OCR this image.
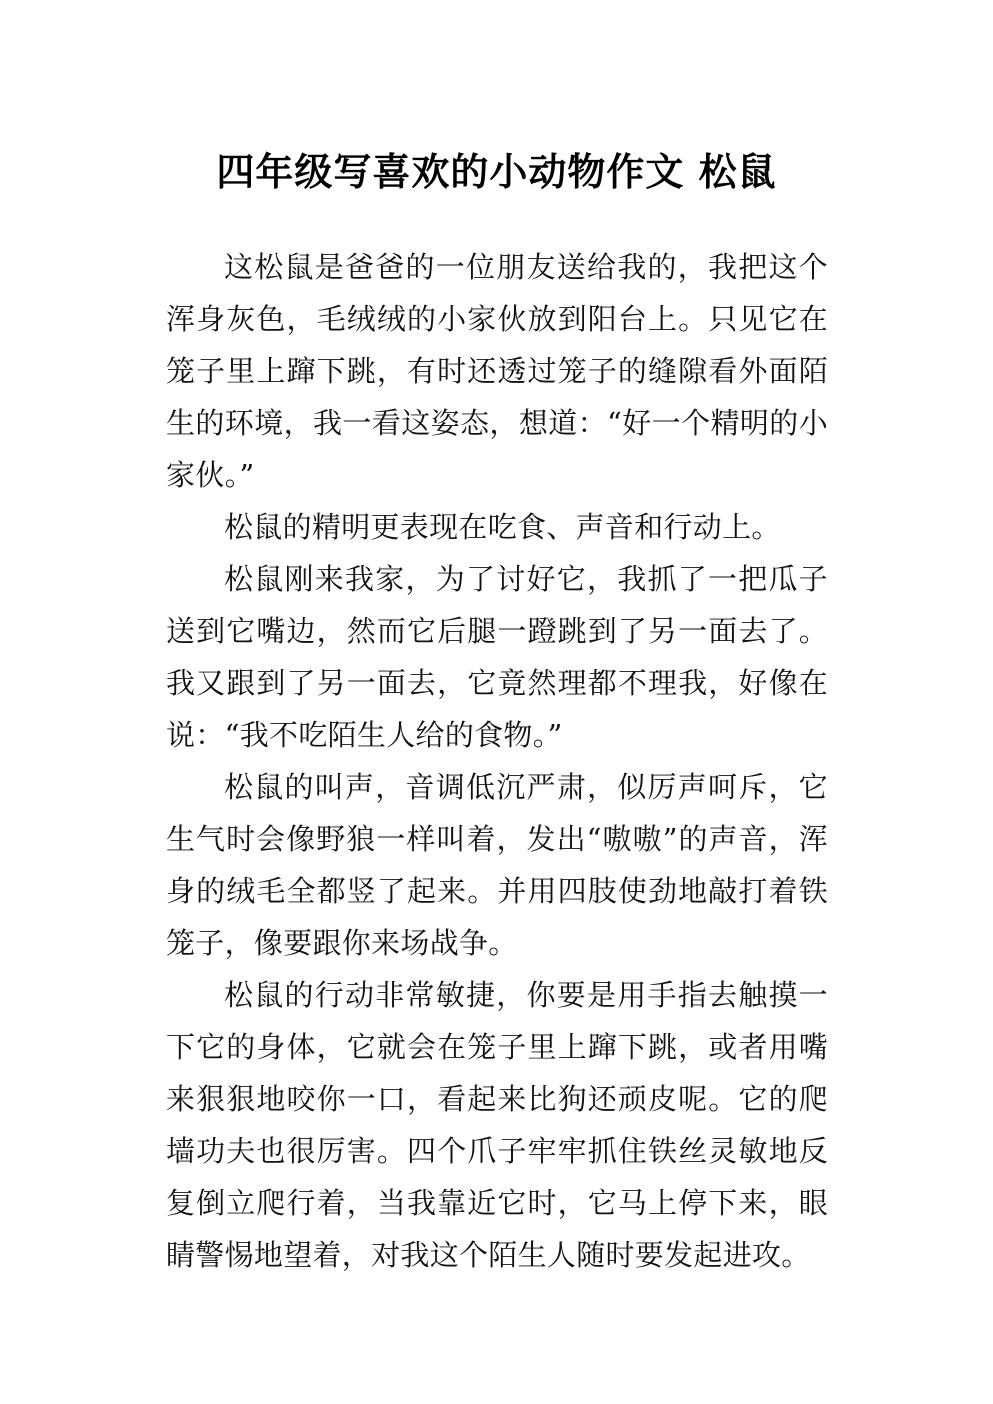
四年级写喜欢的小动物作文 松鼠

这松鼠是爸爸的一位朋友送给我的，我把这个浑身灰色，毛绒绒的小家伙放到阳台上。只见它在笼子里上蹿下跳，有时还透过笼子的缝隙看外面陌生的环境，我一看这姿态，想道：“好一个精明的小家伙。”

松鼠的精明更表现在吃食、声音和行动上。

松鼠刚来我家，为了讨好它，我抓了一把瓜子送到它嘴边，然而它后腿一蹬跳到了另一面去了。我又跟到了另一面去，它竟然理都不理我，好像在说：“我不吃陌生人给的食物。”

松鼠的叫声，音调低沉严肃，似厉声呵斥，它生气时会像野狼一样叫着，发出“嗷嗷”的声音，浑身的绒毛全都竖了起来。并用四肢使劲地敲打着铁笼子，像要跟你来场战争。

松鼠的行动非常敏捷，你要是用手指去触摸一下它的身体，它就会在笼子里上蹿下跳，或者用嘴来狠狠地咬你一口，看起来比狗还顽皮呢。它的爬墙功夫也很厉害。四个爪子牢牢抓住铁丝灵敏地反复倒立爬行着，当我靠近它时，它马上停下来，眼睛警惕地望着，对我这个陌生人随时要发起进攻。
